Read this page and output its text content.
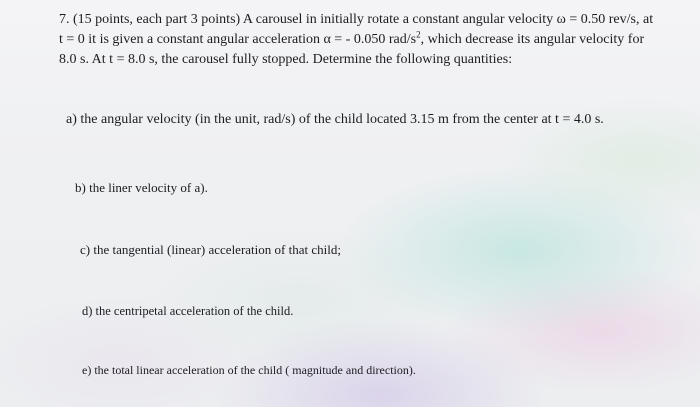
7. (15 points, each part 3 points) A carousel in initially rotate a constant angular velocity ω = 0.50 rev/s, at t = 0 it is given a constant angular acceleration α = - 0.050 rad/$s^2$, which decrease its angular velocity for 8.0 s. At t = 8.0 s, the carousel fully stopped. Determine the following quantities:

a) the angular velocity (in the unit, rad/s) of the child located 3.15 m from the center at t = 4.0 s.
b) the liner velocity of a).
c) the tangential (linear) acceleration of that child;
d) the centripetal acceleration of the child.
e) the total linear acceleration of the child ( magnitude and direction).
